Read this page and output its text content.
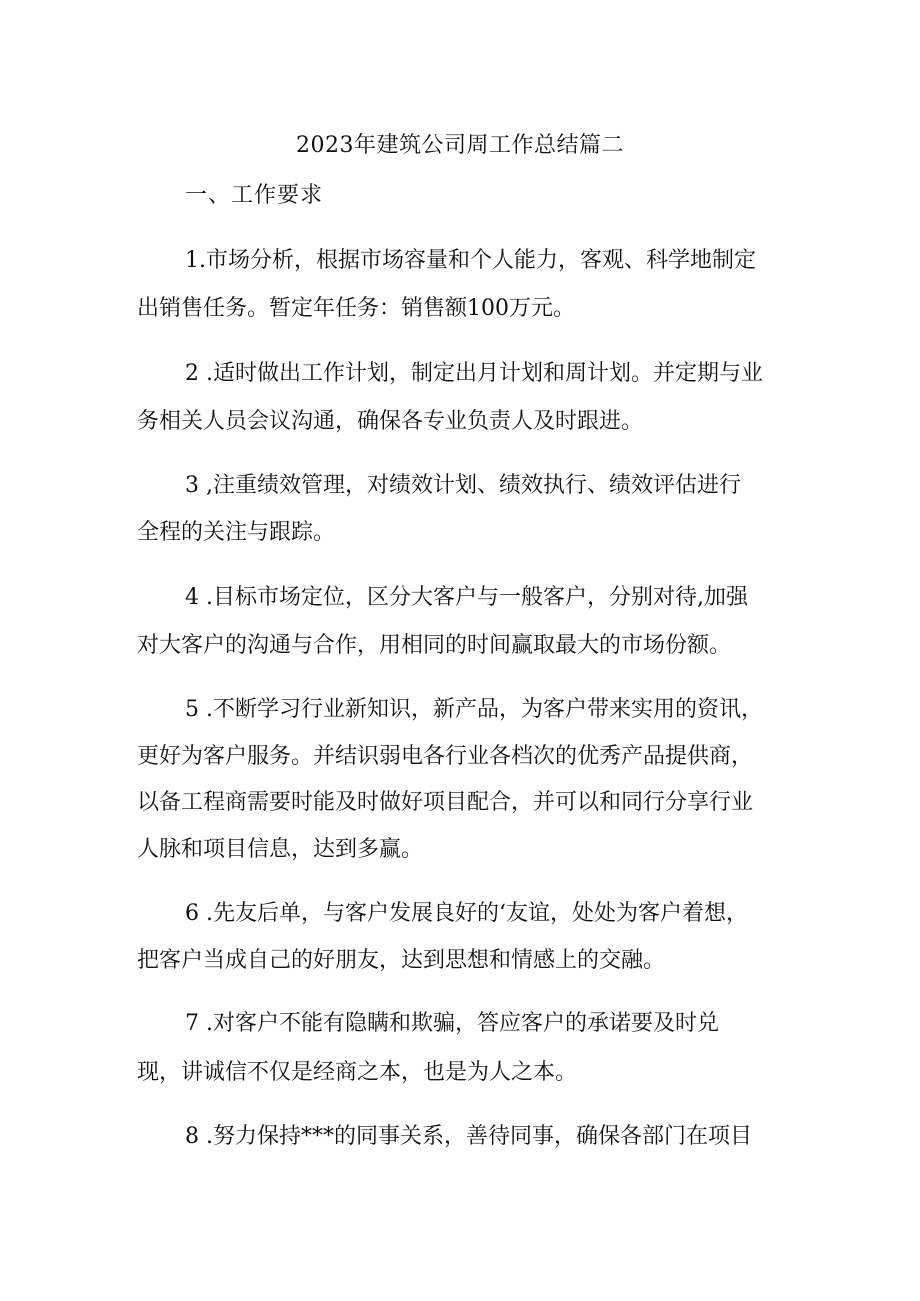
2023年建筑公司周工作总结篇二
一、工作要求
1.市场分析，根据市场容量和个人能力，客观、科学地制定
出销售任务。暂定年任务：销售额100万元。
2 .适时做出工作计划，制定出月计划和周计划。并定期与业
务相关人员会议沟通，确保各专业负责人及时跟进。
3 ,注重绩效管理，对绩效计划、绩效执行、绩效评估进行
全程的关注与跟踪。
4 .目标市场定位，区分大客户与一般客户，分别对待,加强
对大客户的沟通与合作，用相同的时间赢取最大的市场份额。
5 .不断学习行业新知识，新产品，为客户带来实用的资讯，
更好为客户服务。并结识弱电各行业各档次的优秀产品提供商，
以备工程商需要时能及时做好项目配合，并可以和同行分享行业
人脉和项目信息，达到多赢。
6 .先友后单，与客户发展良好的‘友谊，处处为客户着想，
把客户当成自己的好朋友，达到思想和情感上的交融。
7 .对客户不能有隐瞒和欺骗，答应客户的承诺要及时兑
现，讲诚信不仅是经商之本，也是为人之本。
8 .努力保持***的同事关系，善待同事，确保各部门在项目
